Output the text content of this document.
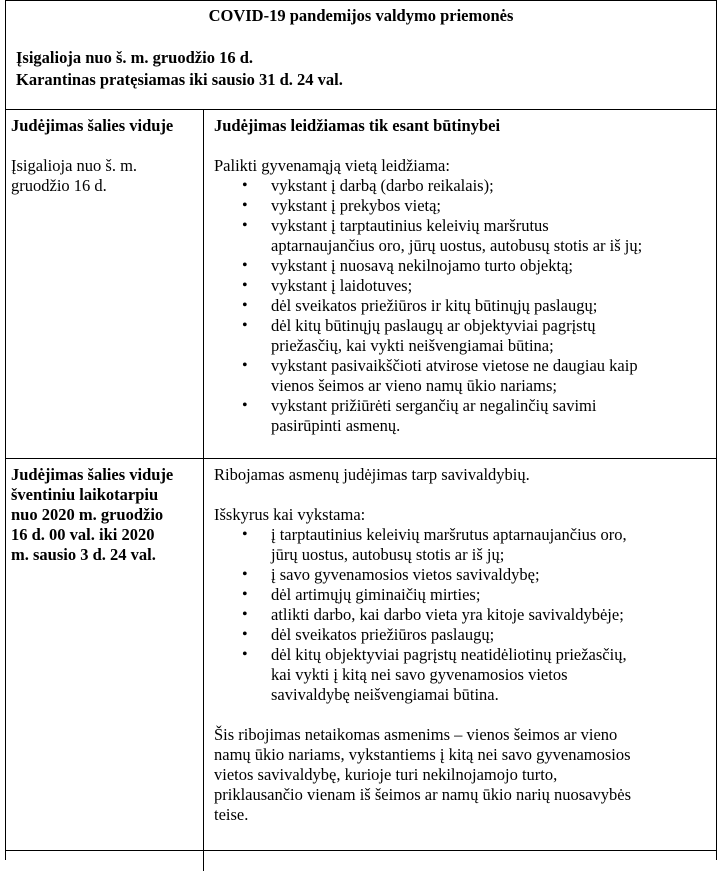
COVID-19 pandemijos valdymo priemonės
Įsigalioja nuo š. m. gruodžio 16 d.
Karantinas pratęsiamas iki sausio 31 d. 24 val.
Judėjimas šalies viduje
Įsigalioja nuo š. m.
gruodžio 16 d.
Judėjimas leidžiamas tik esant būtinybei
Palikti gyvenamąją vietą leidžiama:
• vykstant į darbą (darbo reikalais);
• vykstant į prekybos vietą;
• vykstant į tarptautinius keleivių maršrutus
aptarnaujančius oro, jūrų uostus, autobusų stotis ar iš jų;
• vykstant į nuosavą nekilnojamo turto objektą;
• vykstant į laidotuves;
• dėl sveikatos priežiūros ir kitų būtinųjų paslaugų;
• dėl kitų būtinųjų paslaugų ar objektyviai pagrįstų
priežasčių, kai vykti neišvengiamai būtina;
• vykstant pasivaikščioti atvirose vietose ne daugiau kaip
vienos šeimos ar vieno namų ūkio nariams;
• vykstant prižiūrėti sergančių ar negalinčių savimi
pasirūpinti asmenų.
Judėjimas šalies viduje
šventiniu laikotarpiu
nuo 2020 m. gruodžio
16 d. 00 val. iki 2020
m. sausio 3 d. 24 val.
Ribojamas asmenų judėjimas tarp savivaldybių.
Išskyrus kai vykstama:
• į tarptautinius keleivių maršrutus aptarnaujančius oro,
jūrų uostus, autobusų stotis ar iš jų;
• į savo gyvenamosios vietos savivaldybę;
• dėl artimųjų giminaičių mirties;
• atlikti darbo, kai darbo vieta yra kitoje savivaldybėje;
• dėl sveikatos priežiūros paslaugų;
• dėl kitų objektyviai pagrįstų neatidėliotinų priežasčių,
kai vykti į kitą nei savo gyvenamosios vietos
savivaldybę neišvengiamai būtina.
Šis ribojimas netaikomas asmenims – vienos šeimos ar vieno
namų ūkio nariams, vykstantiems į kitą nei savo gyvenamosios
vietos savivaldybę, kurioje turi nekilnojamojo turto,
priklausančio vienam iš šeimos ar namų ūkio narių nuosavybės
teise.
